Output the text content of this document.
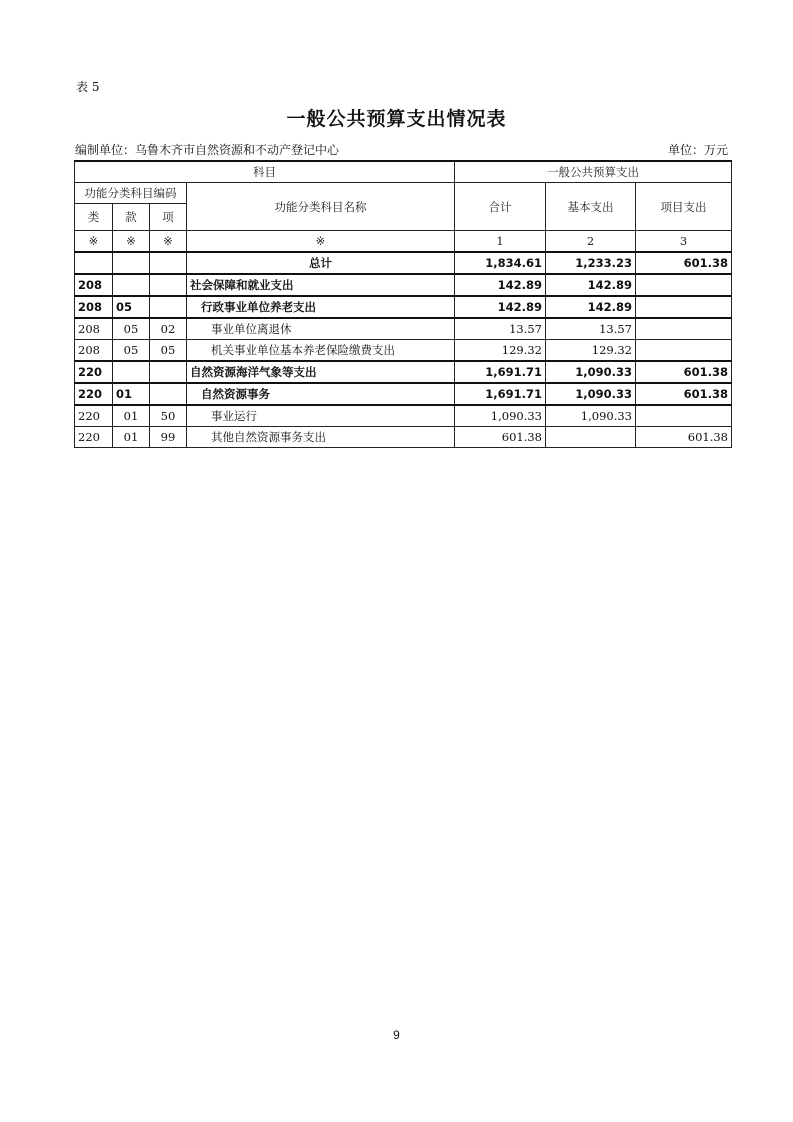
表 5
一般公共预算支出情况表
编制单位：乌鲁木齐市自然资源和不动产登记中心	单位：万元
科目				一般公共预算支出		
功能分类科目编码			功能分类科目名称	合计	基本支出	项目支出
类	款	项				
※	※	※	※	1	2	3
			总计	1,834.61	1,233.23	601.38
208			社会保障和就业支出	142.89	142.89	
208	05		行政事业单位养老支出	142.89	142.89	
208	05	02	事业单位离退休	13.57	13.57	
208	05	05	机关事业单位基本养老保险缴费支出	129.32	129.32	
220			自然资源海洋气象等支出	1,691.71	1,090.33	601.38
220	01		自然资源事务	1,691.71	1,090.33	601.38
220	01	50	事业运行	1,090.33	1,090.33	
220	01	99	其他自然资源事务支出	601.38		601.38
9
